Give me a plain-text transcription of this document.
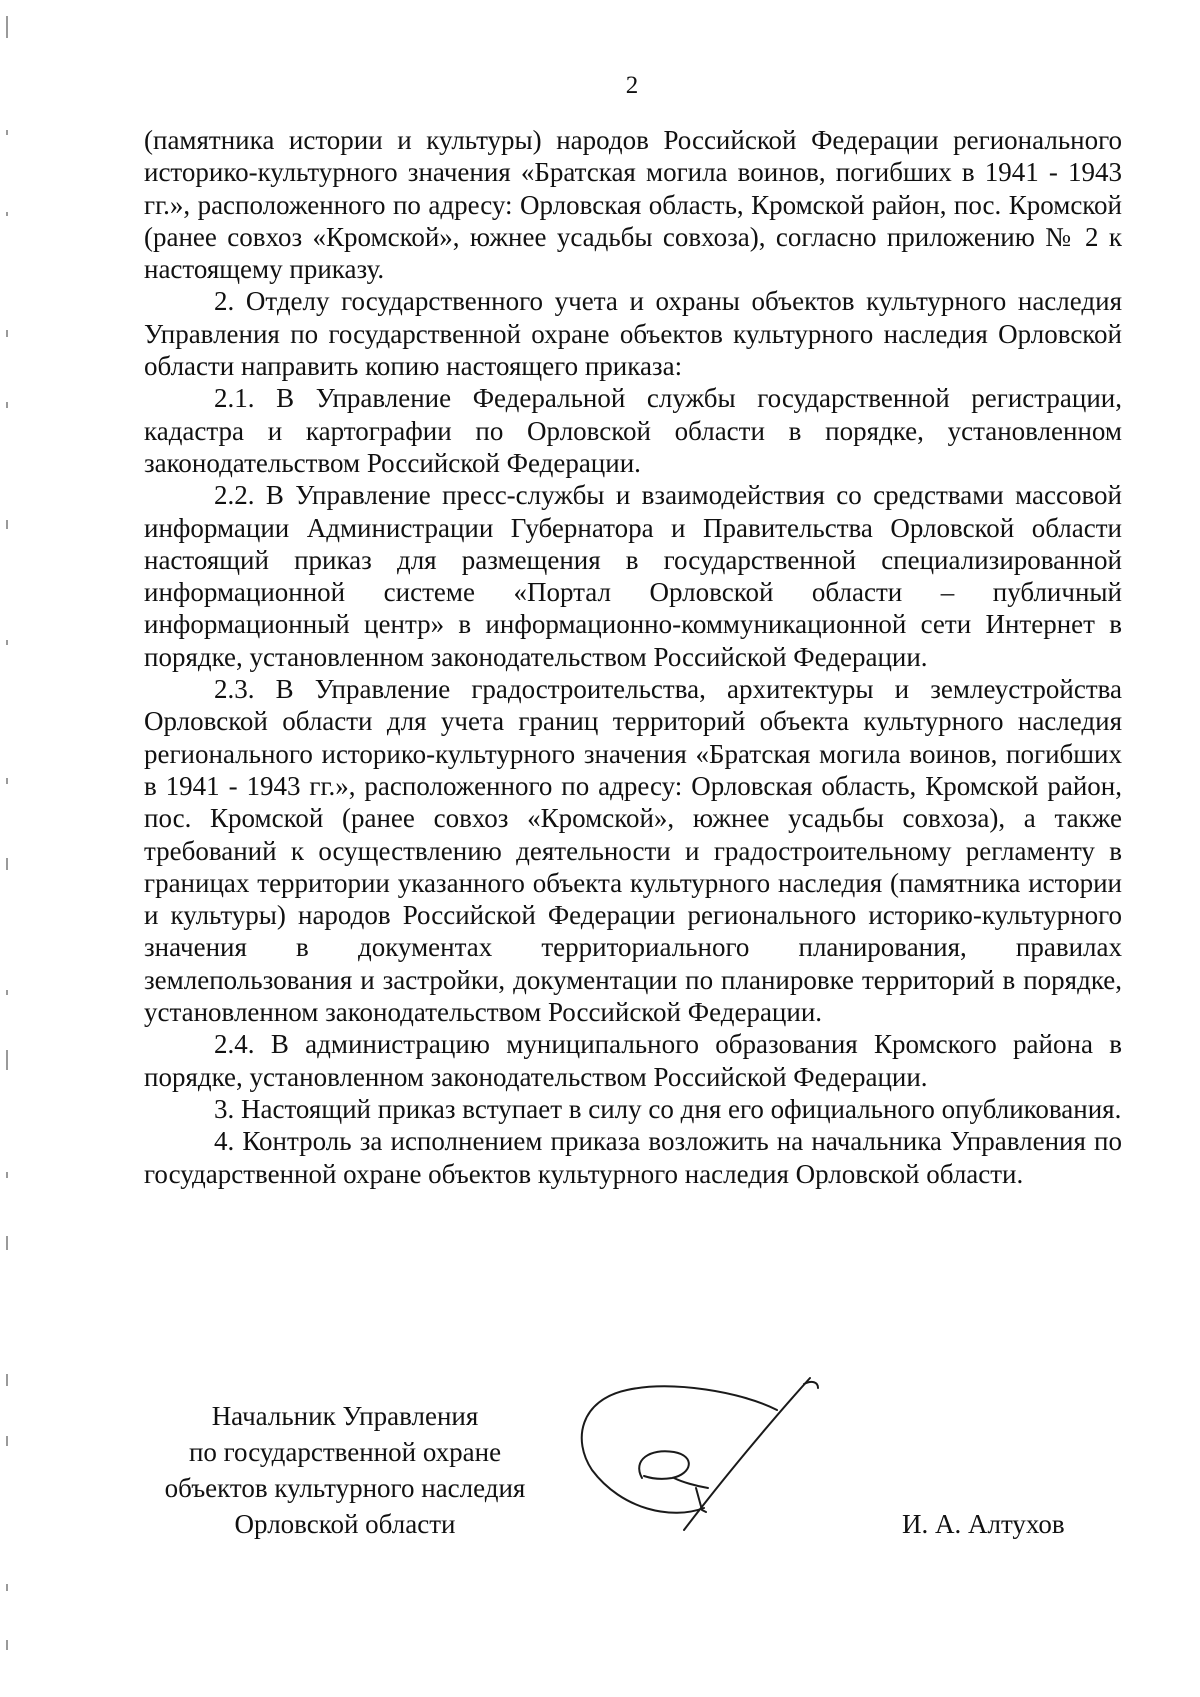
2

(памятника истории и культуры) народов Российской Федерации регионального историко-культурного значения «Братская могила воинов, погибших в 1941 - 1943 гг.», расположенного по адресу: Орловская область, Кромской район, пос. Кромской (ранее совхоз «Кромской», южнее усадьбы совхоза), согласно приложению № 2 к настоящему приказу.

2. Отделу государственного учета и охраны объектов культурного наследия Управления по государственной охране объектов культурного наследия Орловской области направить копию настоящего приказа:

2.1. В Управление Федеральной службы государственной регистрации, кадастра и картографии по Орловской области в порядке, установленном законодательством Российской Федерации.

2.2. В Управление пресс-службы и взаимодействия со средствами массовой информации Администрации Губернатора и Правительства Орловской области настоящий приказ для размещения в государственной специализированной информационной системе «Портал Орловской области – публичный информационный центр» в информационно-коммуникационной сети Интернет в порядке, установленном законодательством Российской Федерации.

2.3. В Управление градостроительства, архитектуры и землеустройства Орловской области для учета границ территорий объекта культурного наследия регионального историко-культурного значения «Братская могила воинов, погибших в 1941 - 1943 гг.», расположенного по адресу: Орловская область, Кромской район, пос. Кромской (ранее совхоз «Кромской», южнее усадьбы совхоза), а также требований к осуществлению деятельности и градостроительному регламенту в границах территории указанного объекта культурного наследия (памятника истории и культуры) народов Российской Федерации регионального историко-культурного значения в документах территориального планирования, правилах землепользования и застройки, документации по планировке территорий в порядке, установленном законодательством Российской Федерации.

2.4. В администрацию муниципального образования Кромского района в порядке, установленном законодательством Российской Федерации.

3. Настоящий приказ вступает в силу со дня его официального опубликования.

4. Контроль за исполнением приказа возложить на начальника Управления по государственной охране объектов культурного наследия Орловской области.

Начальник Управления
по государственной охране
объектов культурного наследия
Орловской области	И. А. Алтухов
